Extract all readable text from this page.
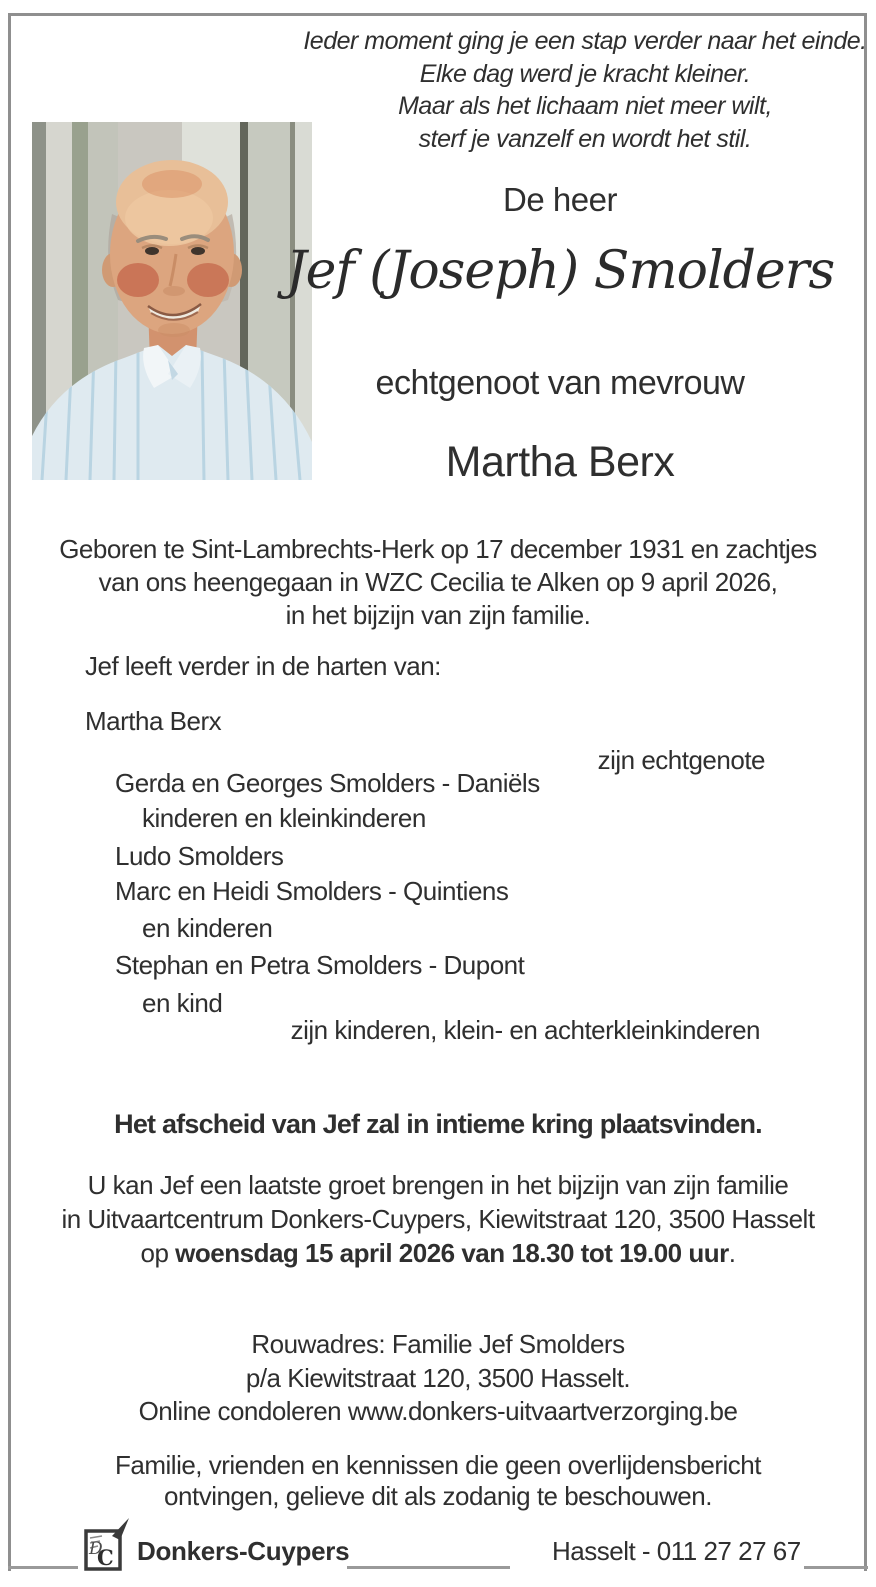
Ieder moment ging je een stap verder naar het einde.
Elke dag werd je kracht kleiner.
Maar als het lichaam niet meer wilt,
sterf je vanzelf en wordt het stil.
De heer
Jef (Joseph) Smolders
echtgenoot van mevrouw
Martha Berx
Geboren te Sint-Lambrechts-Herk op 17 december 1931 en zachtjes
van ons heengegaan in WZC Cecilia te Alken op 9 april 2026,
in het bijzijn van zijn familie.
Jef leeft verder in de harten van:
Martha Berx
zijn echtgenote
Gerda en Georges Smolders - Daniëls
kinderen en kleinkinderen
Ludo Smolders
Marc en Heidi Smolders - Quintiens
en kinderen
Stephan en Petra Smolders - Dupont
en kind
zijn kinderen, klein- en achterkleinkinderen
Het afscheid van Jef zal in intieme kring plaatsvinden.
U kan Jef een laatste groet brengen in het bijzijn van zijn familie
in Uitvaartcentrum Donkers-Cuypers, Kiewitstraat 120, 3500 Hasselt
op woensdag 15 april 2026 van 18.30 tot 19.00 uur.
Rouwadres: Familie Jef Smolders
p/a Kiewitstraat 120, 3500 Hasselt.
Online condoleren www.donkers-uitvaartverzorging.be
Familie, vrienden en kennissen die geen overlijdensbericht
ontvingen, gelieve dit als zodanig te beschouwen.
D
C Donkers-Cuypers	Hasselt - 011 27 27 67
